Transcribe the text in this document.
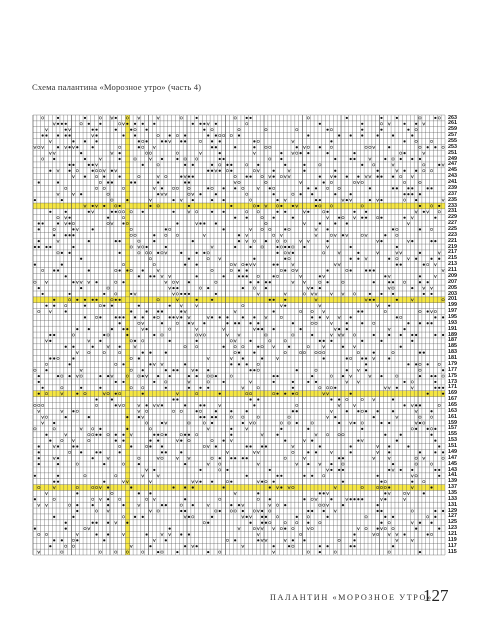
Схема палантина «Морозное утро» (часть 4)
263
261
259
257
255
253
251
249
247
245
243
241
239
237
235
233
231
229
227
225
223
221
219
217
215
213
211
209
207
205
203
201
199
197
195
193
191
189
187
185
183
181
179
177
175
173
171
169
167
165
163
161
159
157
155
153
151
149
147
145
143
141
139
137
135
133
131
129
127
125
123
121
119
117
115
ПАЛАНТИН «МОРОЗНОЕ УТРО»
127
